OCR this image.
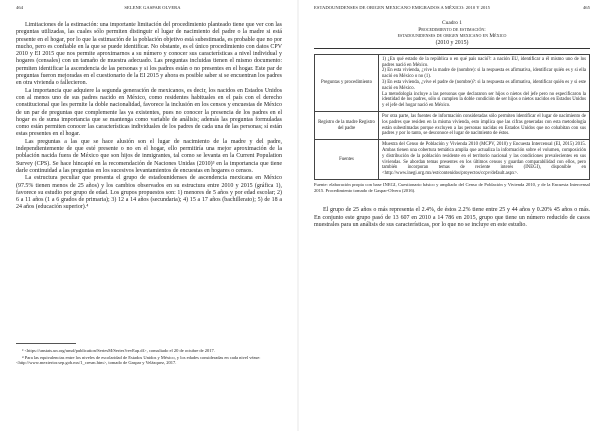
464	SELENE GASPAR OLVERA

Limitaciones de la estimación: una importante limitación del procedimiento planteado tiene que ver con las preguntas utilizadas, las cuales sólo permiten distinguir el lugar de nacimiento del padre o la madre si está presente en el hogar, por lo que la estimación de la población objetivo está subestimada, es probable que no por mucho, pero es confiable en la que se puede identificar. No obstante, es el único procedimiento con datos CPV 2010 y EI 2015 que nos permite aproximarnos a su número y conocer sus características a nivel individual y hogares (censales) con un tamaño de muestra adecuado. Las preguntas incluidas tienen el mismo documento: permiten identificar la ascendencia de las personas y si los padres están o no presentes en el hogar. Este par de preguntas fueron mejoradas en el cuestionario de la EI 2015 y ahora es posible saber si se encuentran los padres en otra vivienda o fallecieron.

La importancia que adquiere la segunda generación de mexicanos, es decir, los nacidos en Estados Unidos con al menos uno de sus padres nacido en México, como residentes habituales en el país con el derecho constitucional que les permite la doble nacionalidad, favorece la inclusión en los censos y encuestas de México de un par de preguntas que complemente las ya existentes, pues no conocer la presencia de los padres en el hogar es de suma importancia que se mantenga como variable de análisis; además las preguntas formuladas como están permiten conocer las características individuales de los padres de cada una de las personas; sí están estas presentes en el hogar.

Las preguntas a las que se hace alusión son el lugar de nacimiento de la madre y del padre, independientemente de que esté presente o no en el hogar, ello permitiría una mejor aproximación de la población nacida fuera de México que son hijos de inmigrantes, tal como se levanta en la Current Population Survey (CPS). Se hace hincapié en la recomendación de Naciones Unidas (2010)³ en la importancia que tiene darle continuidad a las preguntas en los sucesivos levantamientos de encuestas en hogares o censos.

La estructura peculiar que presenta el grupo de estadounidenses de ascendencia mexicana en México (97.5% tienen menos de 25 años) y los cambios observados en su estructura entre 2010 y 2015 (gráfica 1), favorece su estudio por grupo de edad. Los grupos propuestos son: 1) menores de 5 años y por edad escolar; 2) 6 a 11 años (1 a 6 grados de primaria); 3) 12 a 14 años (secundaria); 4) 15 a 17 años (bachillerato); 5) de 18 a 24 años (educación superior).⁴

³ <https://unstats.un.org/unsd/publication/SeriesM/Series?revEap.df>, consultado el 20 de octubre de 2017.

⁴ Para las equivalencias entre los niveles de escolaridad de Estados Unidos y México, y los edades consideradas en cada nivel véase: <http://www.mexterior.sep.gob.mx/1_cresm.htm>, tomado de Gaspar y Velázquez, 2017.

ESTADOUNIDENSES DE ORIGEN MEXICANO EMIGRADOS A MÉXICO: 2010 Y 2015	465
Cuadro 1
Procedimiento de estimación:
estadounidenses de origen mexicano en México
(2010 y 2015)
Preguntas y procedimiento	1) ¿En qué estado de la república o en qué país nació?: a nación EU, identificar a él mismo uno de los padres nació en México.

2) En esta vivienda, ¿vive la madre de (nombre): si la respuesta es afirmativa, identificar quién es y si ella nació en México o no (1).

3) En esta vivienda, ¿vive el padre de (nombre)?: si la respuesta es afirmativa, identificar quién es y si este nació en México.

La metodología incluye a las personas que declararon ser hijos o nietos del jefe pero no especificaron la identidad de los padres, sólo si cumplen la doble condición de ser hijos o nietos nacidos en Estados Unidos y el jefe del hogar nació en México.

Registro de la madre Registro del padre	Por otra parte, las fuentes de información consideradas sólo permiten identificar el lugar de nacimiento de los padres que residen en la misma vivienda, esto implica que las cifras generadas con esta metodología están subestimadas porque excluyen a las personas nacidas en Estados Unidos que no cohabitan con sus padres y por lo tanto, se desconoce el lugar de nacimiento de éstos.

Fuentes	Muestra del Censo de Población y Vivienda 2010 (MCPV, 2010) y Encuesta Intercensal (EI, 2015) 2015. Ambas tienen una cobertura temática amplia que actualiza la información sobre el volumen, composición y distribución de la población residente en el territorio nacional y las condiciones prevalecientes en sus viviendas. Se abordan temas presentes en los últimos censos y guardan comparabilidad con ellos, pero también incorporan temas de reciente interés (INEGI), disponible en <http://www.inegi.org.mx/est/contenidos/proyectos/ccpv/default.aspx>.

Fuente: elaboración propia con base INEGI, Cuestionario básico y ampliado del Censo de Población y Vivienda 2010, y de la Encuesta Intercensal 2015. Procedimiento tomado de Gaspar-Olvera (2016).

El grupo de 25 años o más representa el 2.4%, de éstos 2.2% tiene entre 25 y 44 años y 0.20% 45 años o más. En conjunto este grupo pasó de 13 607 en 2010 a 14 786 en 2015, grupo que tiene un número reducido de casos muestrales para un análisis de sus características, por lo que no se incluye en este estudio.
